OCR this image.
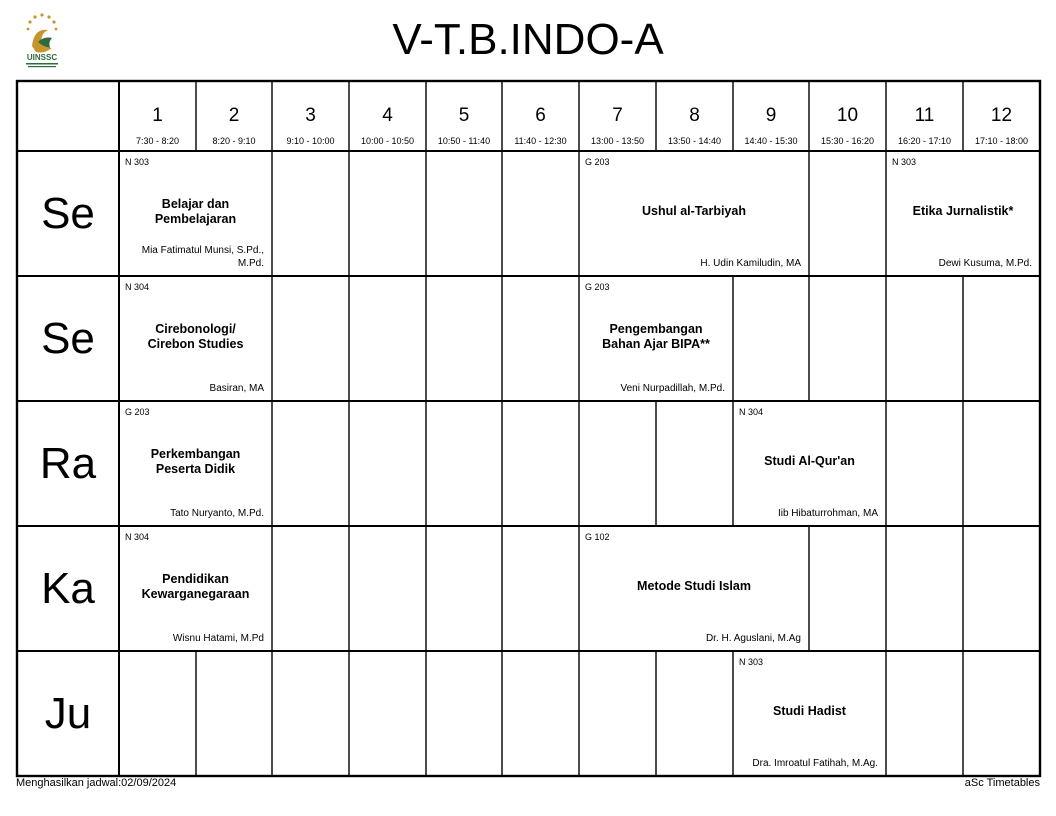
UINSSC	V-T.B.INDO-A
1
7:30 - 8:20
2
8:20 - 9:10
3
9:10 - 10:00
4
10:00 - 10:50
5
10:50 - 11:40
6
11:40 - 12:30
7
13:00 - 13:50
8
13:50 - 14:40
9
14:40 - 15:30
10
15:30 - 16:20
11
16:20 - 17:10
12
17:10 - 18:00
Se
Se
Ra
Ka
Ju
N 303
Belajar dan Pembelajaran
Mia Fatimatul Munsi, S.Pd., M.Pd.
G 203
Ushul al-Tarbiyah
H. Udin Kamiludin, MA
N 303
Etika Jurnalistik*
Dewi Kusuma, M.Pd.
N 304
Cirebonologi/ Cirebon Studies
Basiran, MA
G 203
Pengembangan Bahan Ajar BIPA**
Veni Nurpadillah, M.Pd.
G 203
Perkembangan Peserta Didik
Tato Nuryanto, M.Pd.
N 304
Studi Al-Qur'an
Iib Hibaturrohman, MA
N 304
Pendidikan Kewarganegaraan
Wisnu Hatami, M.Pd
G 102
Metode Studi Islam
Dr. H. Aguslani, M.Ag
N 303
Studi Hadist
Dra. Imroatul Fatihah, M.Ag.
Menghasilkan jadwal:02/09/2024	aSc Timetables
